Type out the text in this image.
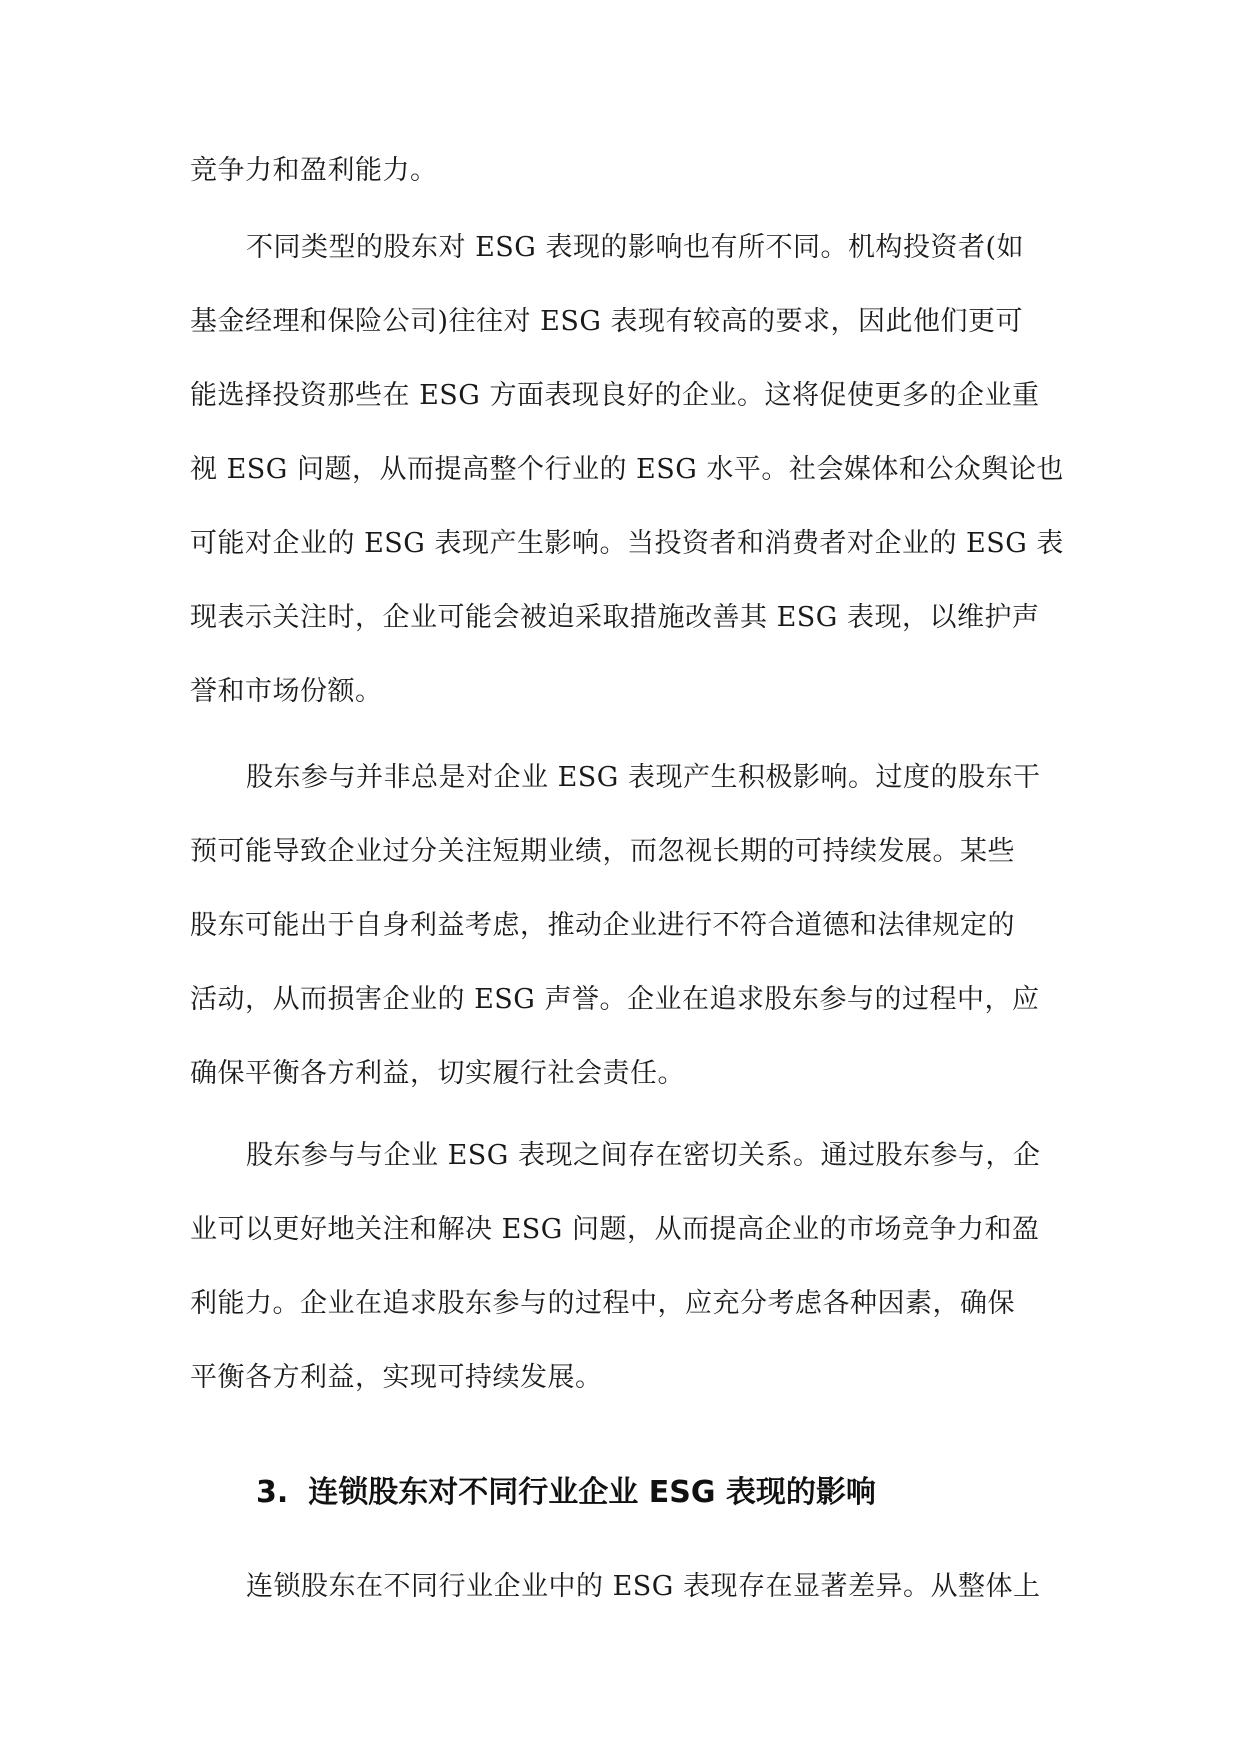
竞争力和盈利能力。
不同类型的股东对 ESG 表现的影响也有所不同。机构投资者(如
基金经理和保险公司)往往对 ESG 表现有较高的要求，因此他们更可
能选择投资那些在 ESG 方面表现良好的企业。这将促使更多的企业重
视 ESG 问题，从而提高整个行业的 ESG 水平。社会媒体和公众舆论也
可能对企业的 ESG 表现产生影响。当投资者和消费者对企业的 ESG 表
现表示关注时，企业可能会被迫采取措施改善其 ESG 表现，以维护声
誉和市场份额。
股东参与并非总是对企业 ESG 表现产生积极影响。过度的股东干
预可能导致企业过分关注短期业绩，而忽视长期的可持续发展。某些
股东可能出于自身利益考虑，推动企业进行不符合道德和法律规定的
活动，从而损害企业的 ESG 声誉。企业在追求股东参与的过程中，应
确保平衡各方利益，切实履行社会责任。
股东参与与企业 ESG 表现之间存在密切关系。通过股东参与，企
业可以更好地关注和解决 ESG 问题，从而提高企业的市场竞争力和盈
利能力。企业在追求股东参与的过程中，应充分考虑各种因素，确保
平衡各方利益，实现可持续发展。
3. 连锁股东对不同行业企业 ESG 表现的影响
连锁股东在不同行业企业中的 ESG 表现存在显著差异。从整体上
